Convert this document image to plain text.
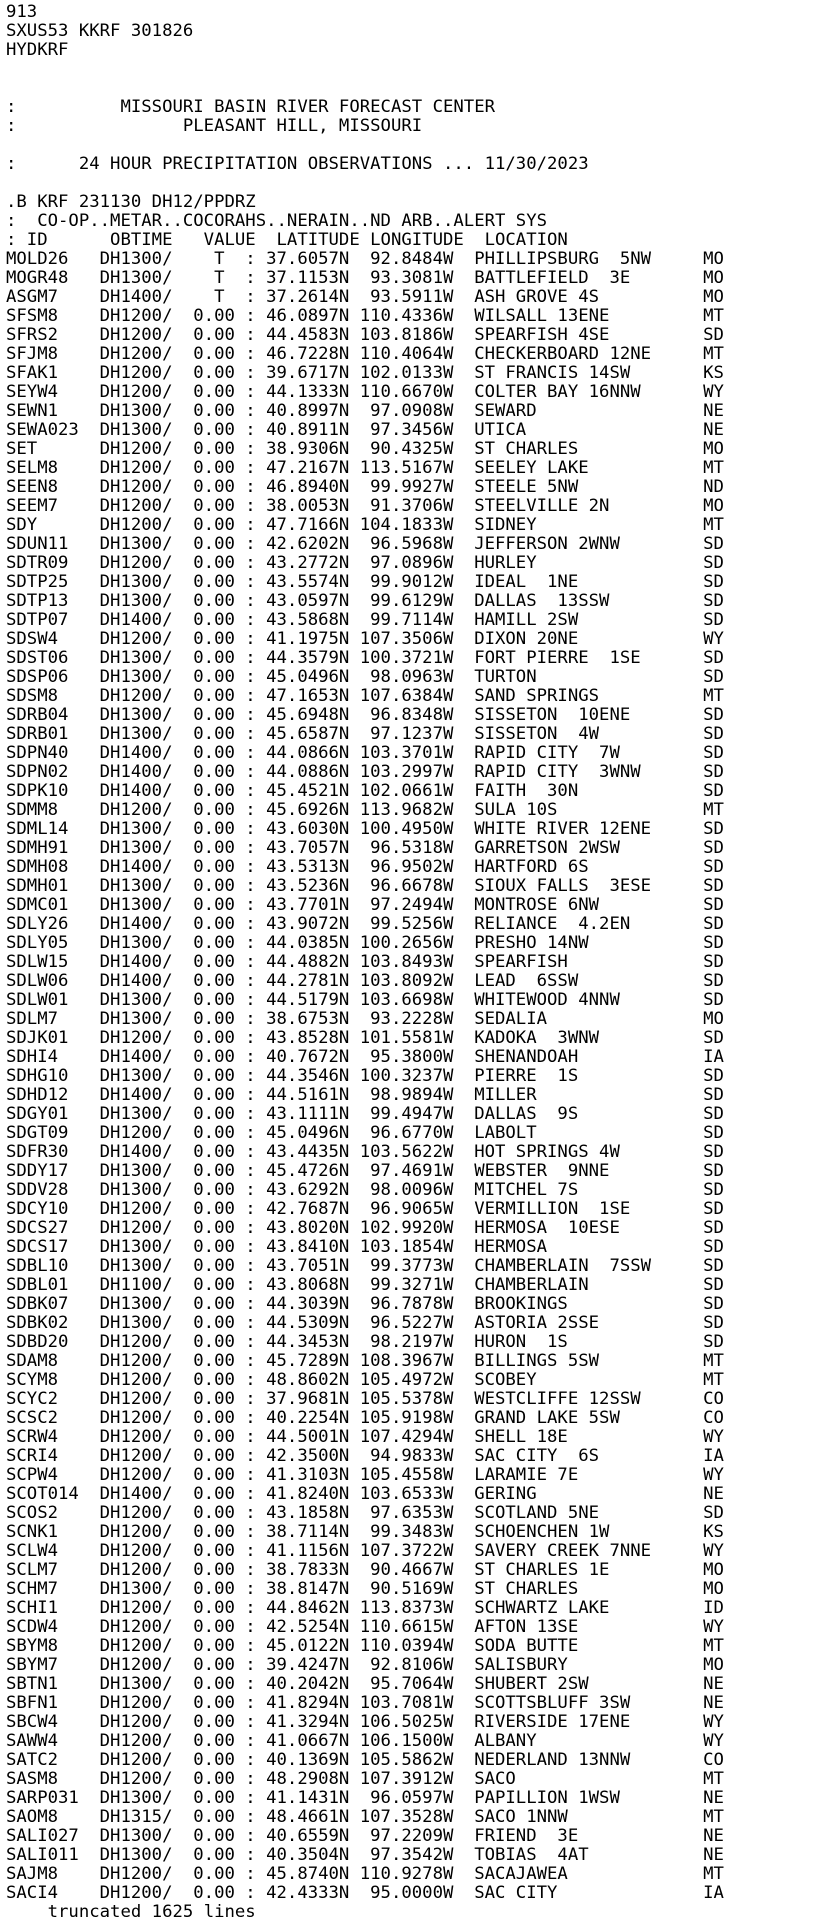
913
SXUS53 KKRF 301826
HYDKRF
:          MISSOURI BASIN RIVER FORECAST CENTER
:                PLEASANT HILL, MISSOURI
:      24 HOUR PRECIPITATION OBSERVATIONS ... 11/30/2023
.B KRF 231130 DH12/PPDRZ
:  CO-OP..METAR..COCORAHS..NERAIN..ND ARB..ALERT SYS
: ID      OBTIME   VALUE  LATITUDE LONGITUDE  LOCATION
MOLD26   DH1300/    T  : 37.6057N  92.8484W  PHILLIPSBURG  5NW     MO
MOGR48   DH1300/    T  : 37.1153N  93.3081W  BATTLEFIELD  3E       MO
ASGM7    DH1400/    T  : 37.2614N  93.5911W  ASH GROVE 4S          MO
SFSM8    DH1200/  0.00 : 46.0897N 110.4336W  WILSALL 13ENE         MT
SFRS2    DH1200/  0.00 : 44.4583N 103.8186W  SPEARFISH 4SE         SD
SFJM8    DH1200/  0.00 : 46.7228N 110.4064W  CHECKERBOARD 12NE     MT
SFAK1    DH1200/  0.00 : 39.6717N 102.0133W  ST FRANCIS 14SW       KS
SEYW4    DH1200/  0.00 : 44.1333N 110.6670W  COLTER BAY 16NNW      WY
SEWN1    DH1300/  0.00 : 40.8997N  97.0908W  SEWARD                NE
SEWA023  DH1300/  0.00 : 40.8911N  97.3456W  UTICA                 NE
SET      DH1200/  0.00 : 38.9306N  90.4325W  ST CHARLES            MO
SELM8    DH1200/  0.00 : 47.2167N 113.5167W  SEELEY LAKE           MT
SEEN8    DH1200/  0.00 : 46.8940N  99.9927W  STEELE 5NW            ND
SEEM7    DH1200/  0.00 : 38.0053N  91.3706W  STEELVILLE 2N         MO
SDY      DH1200/  0.00 : 47.7166N 104.1833W  SIDNEY                MT
SDUN11   DH1300/  0.00 : 42.6202N  96.5968W  JEFFERSON 2WNW        SD
SDTR09   DH1200/  0.00 : 43.2772N  97.0896W  HURLEY                SD
SDTP25   DH1300/  0.00 : 43.5574N  99.9012W  IDEAL  1NE            SD
SDTP13   DH1300/  0.00 : 43.0597N  99.6129W  DALLAS  13SSW         SD
SDTP07   DH1400/  0.00 : 43.5868N  99.7114W  HAMILL 2SW            SD
SDSW4    DH1200/  0.00 : 41.1975N 107.3506W  DIXON 20NE            WY
SDST06   DH1300/  0.00 : 44.3579N 100.3721W  FORT PIERRE  1SE      SD
SDSP06   DH1300/  0.00 : 45.0496N  98.0963W  TURTON                SD
SDSM8    DH1200/  0.00 : 47.1653N 107.6384W  SAND SPRINGS          MT
SDRB04   DH1300/  0.00 : 45.6948N  96.8348W  SISSETON  10ENE       SD
SDRB01   DH1300/  0.00 : 45.6587N  97.1237W  SISSETON  4W          SD
SDPN40   DH1400/  0.00 : 44.0866N 103.3701W  RAPID CITY  7W        SD
SDPN02   DH1400/  0.00 : 44.0886N 103.2997W  RAPID CITY  3WNW      SD
SDPK10   DH1400/  0.00 : 45.4521N 102.0661W  FAITH  30N            SD
SDMM8    DH1200/  0.00 : 45.6926N 113.9682W  SULA 10S              MT
SDML14   DH1300/  0.00 : 43.6030N 100.4950W  WHITE RIVER 12ENE     SD
SDMH91   DH1300/  0.00 : 43.7057N  96.5318W  GARRETSON 2WSW        SD
SDMH08   DH1400/  0.00 : 43.5313N  96.9502W  HARTFORD 6S           SD
SDMH01   DH1300/  0.00 : 43.5236N  96.6678W  SIOUX FALLS  3ESE     SD
SDMC01   DH1300/  0.00 : 43.7701N  97.2494W  MONTROSE 6NW          SD
SDLY26   DH1400/  0.00 : 43.9072N  99.5256W  RELIANCE  4.2EN       SD
SDLY05   DH1300/  0.00 : 44.0385N 100.2656W  PRESHO 14NW           SD
SDLW15   DH1400/  0.00 : 44.4882N 103.8493W  SPEARFISH             SD
SDLW06   DH1400/  0.00 : 44.2781N 103.8092W  LEAD  6SSW            SD
SDLW01   DH1300/  0.00 : 44.5179N 103.6698W  WHITEWOOD 4NNW        SD
SDLM7    DH1300/  0.00 : 38.6753N  93.2228W  SEDALIA               MO
SDJK01   DH1200/  0.00 : 43.8528N 101.5581W  KADOKA  3WNW          SD
SDHI4    DH1400/  0.00 : 40.7672N  95.3800W  SHENANDOAH            IA
SDHG10   DH1300/  0.00 : 44.3546N 100.3237W  PIERRE  1S            SD
SDHD12   DH1400/  0.00 : 44.5161N  98.9894W  MILLER                SD
SDGY01   DH1300/  0.00 : 43.1111N  99.4947W  DALLAS  9S            SD
SDGT09   DH1200/  0.00 : 45.0496N  96.6770W  LABOLT                SD
SDFR30   DH1400/  0.00 : 43.4435N 103.5622W  HOT SPRINGS 4W        SD
SDDY17   DH1300/  0.00 : 45.4726N  97.4691W  WEBSTER  9NNE         SD
SDDV28   DH1300/  0.00 : 43.6292N  98.0096W  MITCHEL 7S            SD
SDCY10   DH1200/  0.00 : 42.7687N  96.9065W  VERMILLION  1SE       SD
SDCS27   DH1200/  0.00 : 43.8020N 102.9920W  HERMOSA  10ESE        SD
SDCS17   DH1300/  0.00 : 43.8410N 103.1854W  HERMOSA               SD
SDBL10   DH1300/  0.00 : 43.7051N  99.3773W  CHAMBERLAIN  7SSW     SD
SDBL01   DH1100/  0.00 : 43.8068N  99.3271W  CHAMBERLAIN           SD
SDBK07   DH1300/  0.00 : 44.3039N  96.7878W  BROOKINGS             SD
SDBK02   DH1300/  0.00 : 44.5309N  96.5227W  ASTORIA 2SSE          SD
SDBD20   DH1200/  0.00 : 44.3453N  98.2197W  HURON  1S             SD
SDAM8    DH1200/  0.00 : 45.7289N 108.3967W  BILLINGS 5SW          MT
SCYM8    DH1200/  0.00 : 48.8602N 105.4972W  SCOBEY                MT
SCYC2    DH1200/  0.00 : 37.9681N 105.5378W  WESTCLIFFE 12SSW      CO
SCSC2    DH1200/  0.00 : 40.2254N 105.9198W  GRAND LAKE 5SW        CO
SCRW4    DH1200/  0.00 : 44.5001N 107.4294W  SHELL 18E             WY
SCRI4    DH1200/  0.00 : 42.3500N  94.9833W  SAC CITY  6S          IA
SCPW4    DH1200/  0.00 : 41.3103N 105.4558W  LARAMIE 7E            WY
SCOT014  DH1400/  0.00 : 41.8240N 103.6533W  GERING                NE
SCOS2    DH1200/  0.00 : 43.1858N  97.6353W  SCOTLAND 5NE          SD
SCNK1    DH1200/  0.00 : 38.7114N  99.3483W  SCHOENCHEN 1W         KS
SCLW4    DH1200/  0.00 : 41.1156N 107.3722W  SAVERY CREEK 7NNE     WY
SCLM7    DH1200/  0.00 : 38.7833N  90.4667W  ST CHARLES 1E         MO
SCHM7    DH1300/  0.00 : 38.8147N  90.5169W  ST CHARLES            MO
SCHI1    DH1200/  0.00 : 44.8462N 113.8373W  SCHWARTZ LAKE         ID
SCDW4    DH1200/  0.00 : 42.5254N 110.6615W  AFTON 13SE            WY
SBYM8    DH1200/  0.00 : 45.0122N 110.0394W  SODA BUTTE            MT
SBYM7    DH1200/  0.00 : 39.4247N  92.8106W  SALISBURY             MO
SBTN1    DH1300/  0.00 : 40.2042N  95.7064W  SHUBERT 2SW           NE
SBFN1    DH1200/  0.00 : 41.8294N 103.7081W  SCOTTSBLUFF 3SW       NE
SBCW4    DH1200/  0.00 : 41.3294N 106.5025W  RIVERSIDE 17ENE       WY
SAWW4    DH1200/  0.00 : 41.0667N 106.1500W  ALBANY                WY
SATC2    DH1200/  0.00 : 40.1369N 105.5862W  NEDERLAND 13NNW       CO
SASM8    DH1200/  0.00 : 48.2908N 107.3912W  SACO                  MT
SARP031  DH1300/  0.00 : 41.1431N  96.0597W  PAPILLION 1WSW        NE
SAOM8    DH1315/  0.00 : 48.4661N 107.3528W  SACO 1NNW             MT
SALI027  DH1300/  0.00 : 40.6559N  97.2209W  FRIEND  3E            NE
SALI011  DH1300/  0.00 : 40.3504N  97.3542W  TOBIAS  4AT           NE
SAJM8    DH1200/  0.00 : 45.8740N 110.9278W  SACAJAWEA             MT
SACI4    DH1200/  0.00 : 42.4333N  95.0000W  SAC CITY              IA
truncated 1625 lines
